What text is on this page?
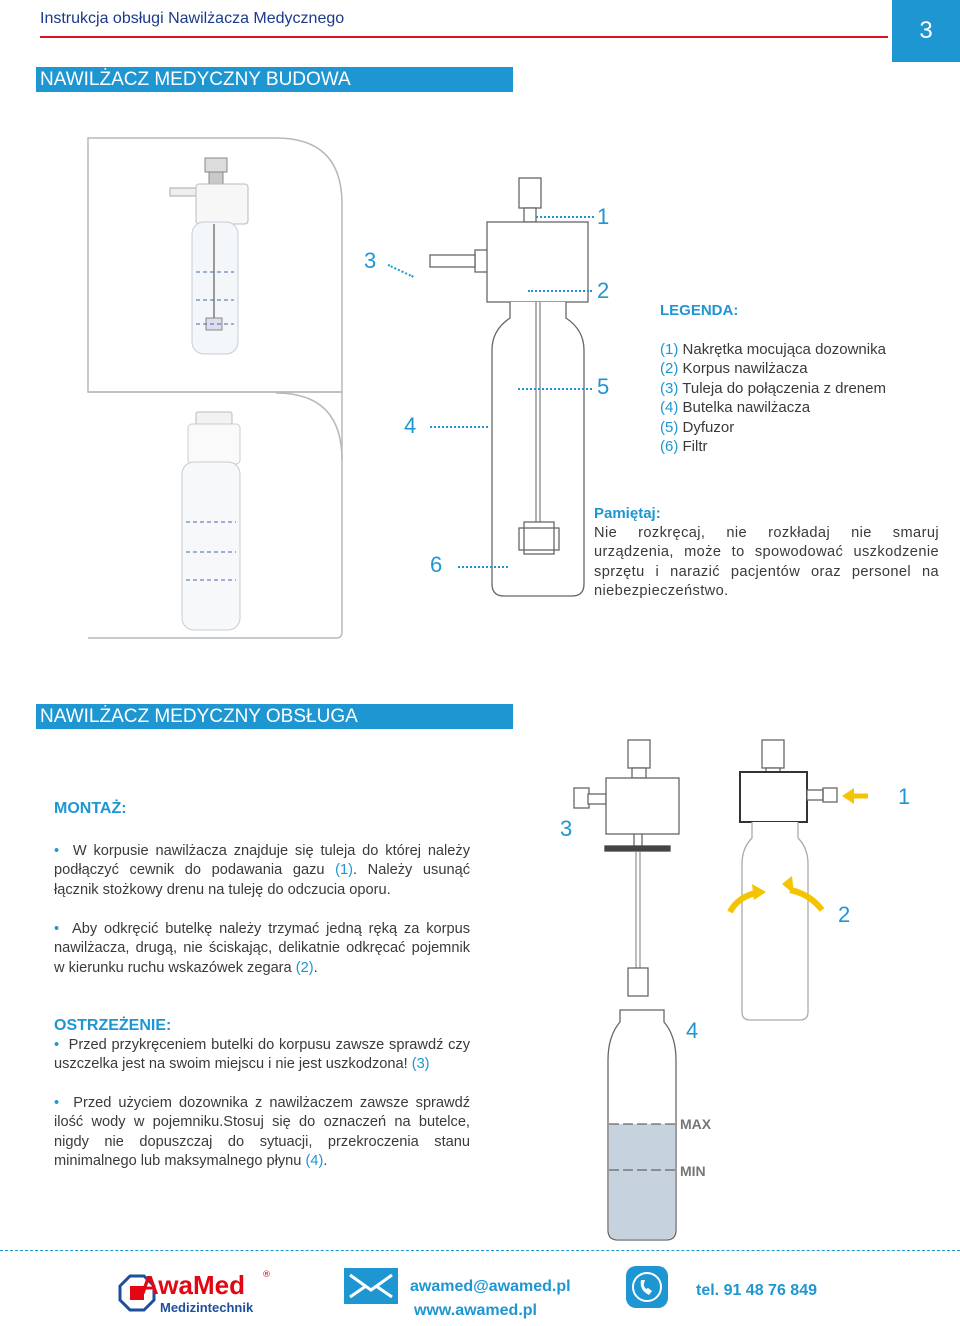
Instrukcja obsługi Nawilżacza Medycznego	3
NAWILŻACZ MEDYCZNY BUDOWA
1
2
3
5
4
6
LEGENDA:
(1) Nakrętka mocująca dozownika
(2) Korpus nawilżacza
(3) Tuleja do połączenia z drenem
(4) Butelka nawilżacza
(5) Dyfuzor
(6) Filtr
Pamiętaj:
Nie rozkręcaj, nie rozkładaj nie smaruj urządzenia, może to spowodować uszkodzenie sprzętu i narazić pacjentów oraz personel na niebezpieczeństwo.
NAWILŻACZ MEDYCZNY OBSŁUGA
MONTAŻ:
• W korpusie nawilżacza znajduje się tuleja do której należy podłączyć cewnik do podawania gazu (1). Należy usunąć łącznik stożkowy drenu na tuleję do odczucia oporu.
• Aby odkręcić butelkę należy trzymać jedną ręką za korpus nawilżacza, drugą, nie ściskając, delikatnie odkręcać pojemnik w kierunku ruchu wskazówek zegara (2).
OSTRZEŻENIE:
• Przed przykręceniem butelki do korpusu zawsze sprawdź czy uszczelka jest na swoim miejscu i nie jest uszkodzona! (3)
• Przed użyciem dozownika z nawilżaczem zawsze sprawdź ilość wody w pojemniku.Stosuj się do oznaczeń na butelce, nigdy nie dopuszczaj do sytuacji, przekroczenia stanu minimalnego lub maksymalnego płynu (4).
3
1
2
4
MAX
MIN
AwaMed ®
Medizintechnik
awamed@awamed.pl
www.awamed.pl
tel. 91 48 76 849
